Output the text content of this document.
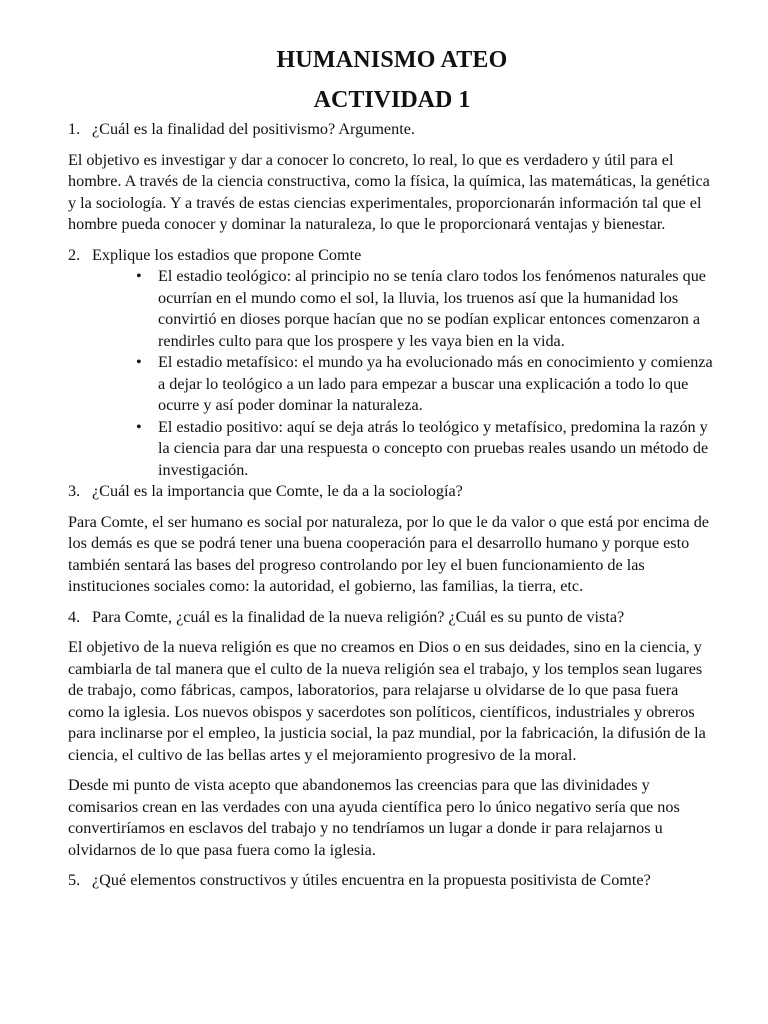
HUMANISMO ATEO
ACTIVIDAD 1

1. ¿Cuál es la finalidad del positivismo? Argumente.

El objetivo es investigar y dar a conocer lo concreto, lo real, lo que es verdadero y útil para el hombre. A través de la ciencia constructiva, como la física, la química, las matemáticas, la genética y la sociología. Y a través de estas ciencias experimentales, proporcionarán información tal que el hombre pueda conocer y dominar la naturaleza, lo que le proporcionará ventajas y bienestar.

2. Explique los estadios que propone Comte

• El estadio teológico: al principio no se tenía claro todos los fenómenos naturales que ocurrían en el mundo como el sol, la lluvia, los truenos así que la humanidad los convirtió en dioses porque hacían que no se podían explicar entonces comenzaron a rendirles culto para que los prospere y les vaya bien en la vida.
• El estadio metafísico: el mundo ya ha evolucionado más en conocimiento y comienza a dejar lo teológico a un lado para empezar a buscar una explicación a todo lo que ocurre y así poder dominar la naturaleza.
• El estadio positivo: aquí se deja atrás lo teológico y metafísico, predomina la razón y la ciencia para dar una respuesta o concepto con pruebas reales usando un método de investigación.

3. ¿Cuál es la importancia que Comte, le da a la sociología?

Para Comte, el ser humano es social por naturaleza, por lo que le da valor o que está por encima de los demás es que se podrá tener una buena cooperación para el desarrollo humano y porque esto también sentará las bases del progreso controlando por ley el buen funcionamiento de las instituciones sociales como: la autoridad, el gobierno, las familias, la tierra, etc.

4. Para Comte, ¿cuál es la finalidad de la nueva religión? ¿Cuál es su punto de vista?

El objetivo de la nueva religión es que no creamos en Dios o en sus deidades, sino en la ciencia, y cambiarla de tal manera que el culto de la nueva religión sea el trabajo, y los templos sean lugares de trabajo, como fábricas, campos, laboratorios, para relajarse u olvidarse de lo que pasa fuera como la iglesia. Los nuevos obispos y sacerdotes son políticos, científicos, industriales y obreros para inclinarse por el empleo, la justicia social, la paz mundial, por la fabricación, la difusión de la ciencia, el cultivo de las bellas artes y el mejoramiento progresivo de la moral.

Desde mi punto de vista acepto que abandonemos las creencias para que las divinidades y comisarios crean en las verdades con una ayuda científica pero lo único negativo sería que nos convertiríamos en esclavos del trabajo y no tendríamos un lugar a donde ir para relajarnos u olvidarnos de lo que pasa fuera como la iglesia.

5. ¿Qué elementos constructivos y útiles encuentra en la propuesta positivista de Comte?
